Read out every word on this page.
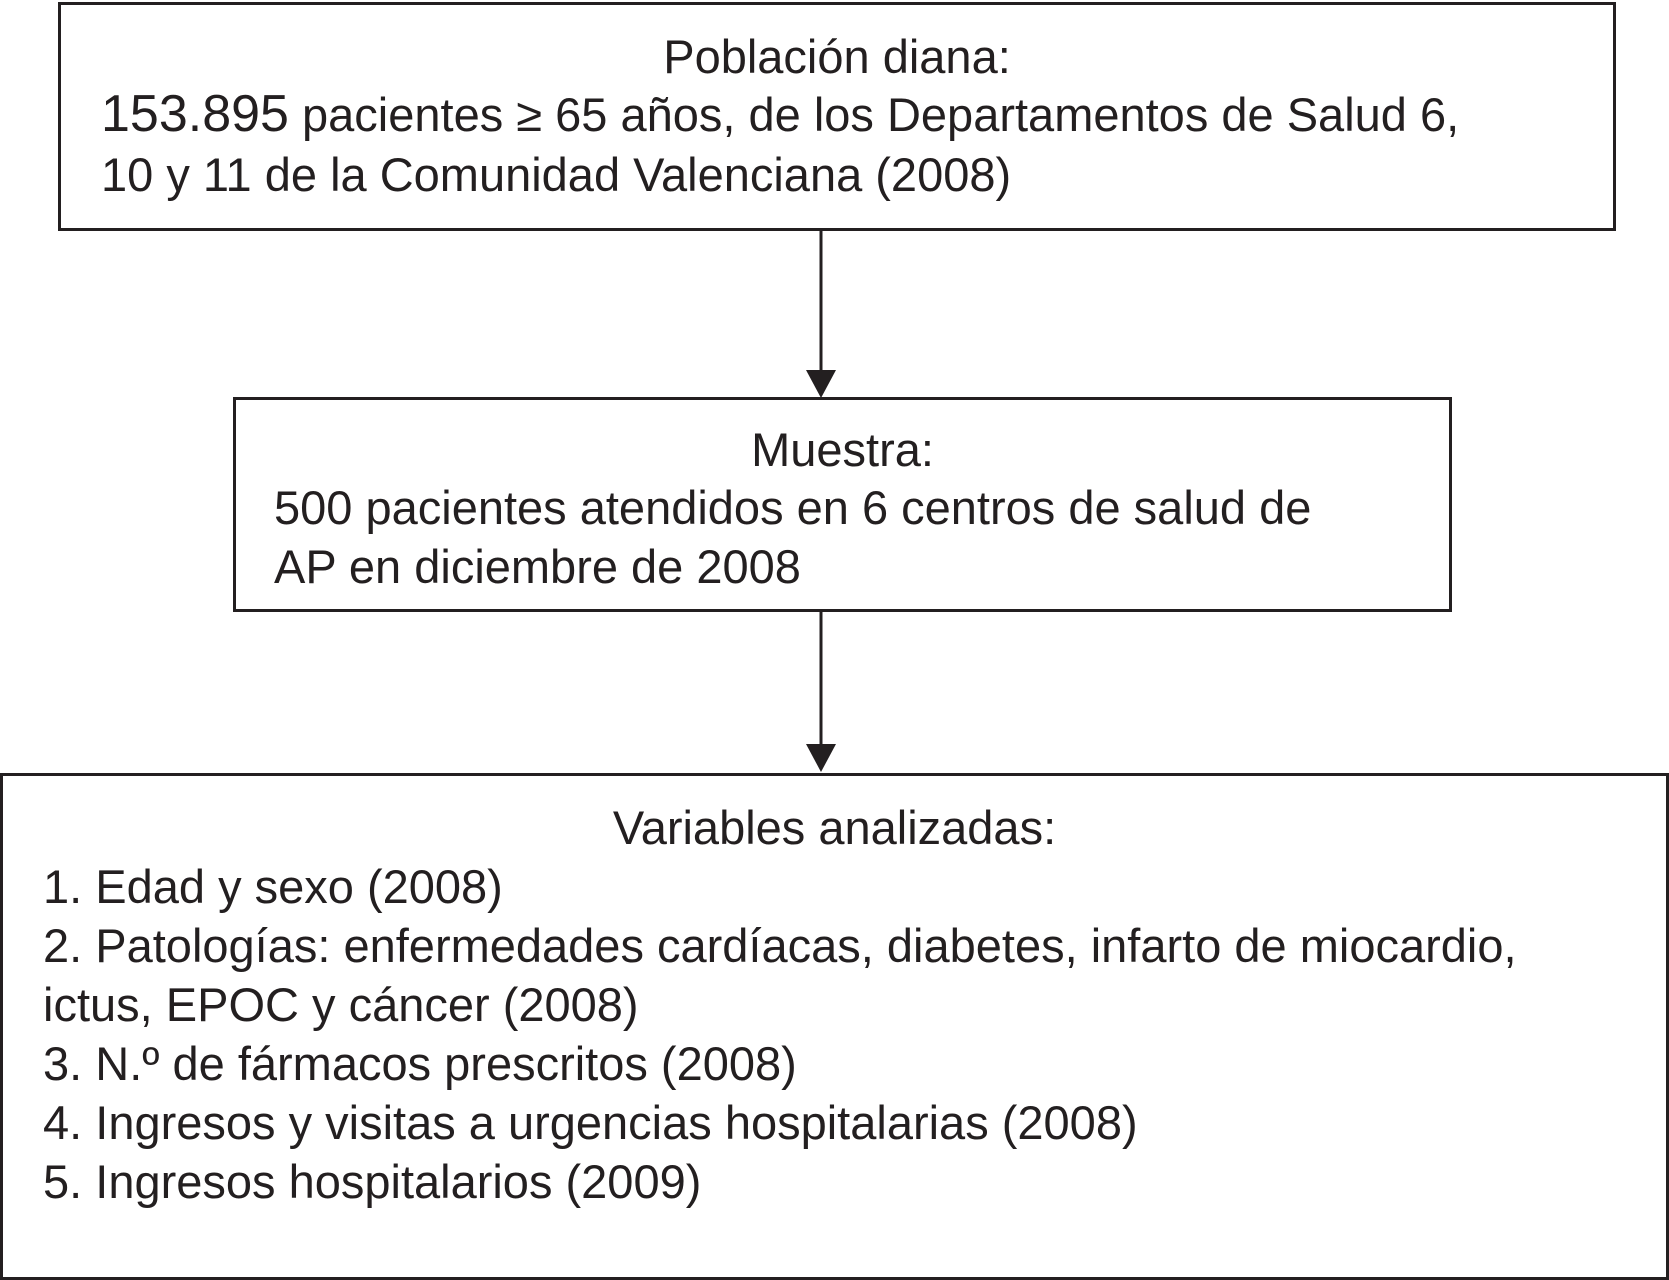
Población diana:
153.895 pacientes ≥ 65 años, de los Departamentos de Salud 6,
10 y 11 de la Comunidad Valenciana (2008)
Muestra:
500 pacientes atendidos en 6 centros de salud de
AP en diciembre de 2008
Variables analizadas:
1. Edad y sexo (2008)
2. Patologías: enfermedades cardíacas, diabetes, infarto de miocardio,
ictus, EPOC y cáncer (2008)
3. N.º de fármacos prescritos (2008)
4. Ingresos y visitas a urgencias hospitalarias (2008)
5. Ingresos hospitalarios (2009)
